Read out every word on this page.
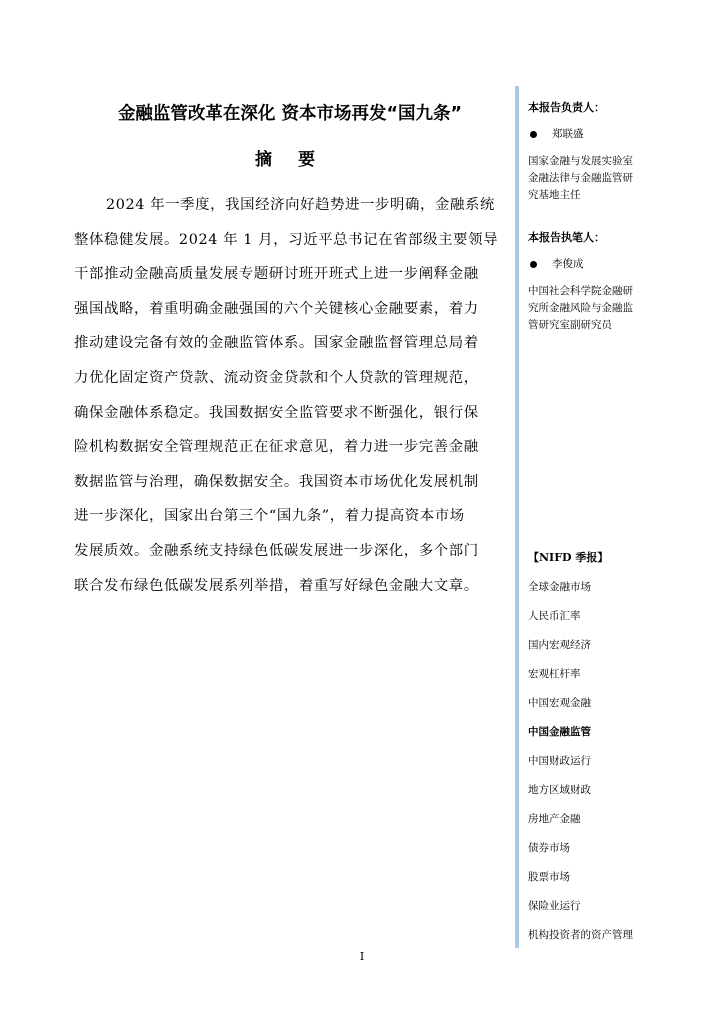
金融监管改革在深化 资本市场再发“国九条”
摘 要
2024 年一季度，我国经济向好趋势进一步明确，金融系统
整体稳健发展。2024 年 1 月，习近平总书记在省部级主要领导
干部推动金融高质量发展专题研讨班开班式上进一步阐释金融
强国战略，着重明确金融强国的六个关键核心金融要素，着力
推动建设完备有效的金融监管体系。国家金融监督管理总局着
力优化固定资产贷款、流动资金贷款和个人贷款的管理规范，
确保金融体系稳定。我国数据安全监管要求不断强化，银行保
险机构数据安全管理规范正在征求意见，着力进一步完善金融
数据监管与治理，确保数据安全。我国资本市场优化发展机制
进一步深化，国家出台第三个“国九条”，着力提高资本市场
发展质效。金融系统支持绿色低碳发展进一步深化，多个部门
联合发布绿色低碳发展系列举措，着重写好绿色金融大文章。
本报告负责人：
郑联盛
国家金融与发展实验室
金融法律与金融监管研
究基地主任
本报告执笔人：
李俊成
中国社会科学院金融研
究所金融风险与金融监
管研究室副研究员
【NIFD 季报】
全球金融市场
人民币汇率
国内宏观经济
宏观杠杆率
中国宏观金融
中国金融监管
中国财政运行
地方区域财政
房地产金融
债券市场
股票市场
保险业运行
机构投资者的资产管理
I
